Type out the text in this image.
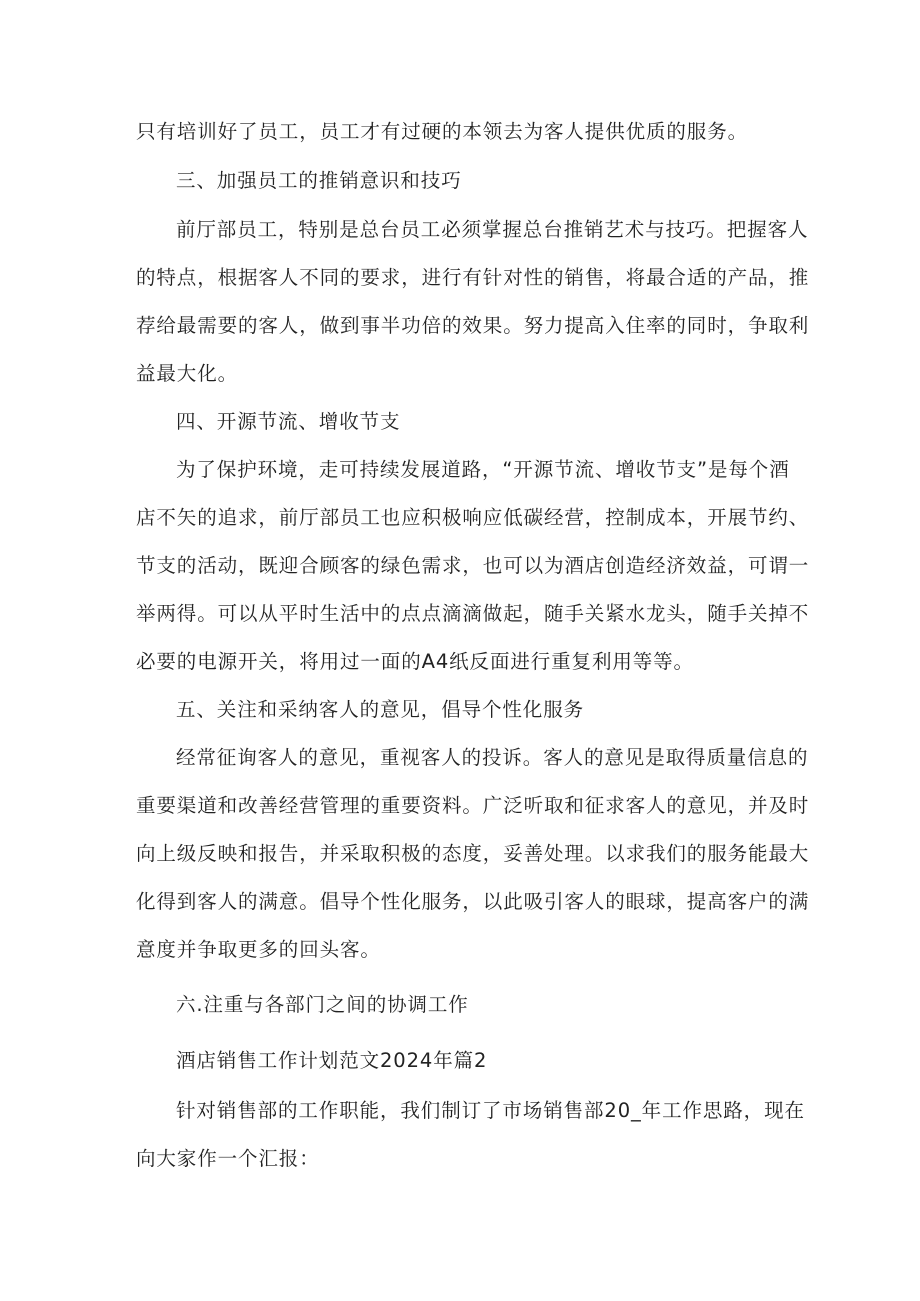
只有培训好了员工，员工才有过硬的本领去为客人提供优质的服务。
三、加强员工的推销意识和技巧
前厅部员工，特别是总台员工必须掌握总台推销艺术与技巧。把握客人
的特点，根据客人不同的要求，进行有针对性的销售，将最合适的产品，推
荐给最需要的客人，做到事半功倍的效果。努力提高入住率的同时，争取利
益最大化。
四、开源节流、增收节支
为了保护环境，走可持续发展道路，“开源节流、增收节支”是每个酒
店不矢的追求，前厅部员工也应积极响应低碳经营，控制成本，开展节约、
节支的活动，既迎合顾客的绿色需求，也可以为酒店创造经济效益，可谓一
举两得。可以从平时生活中的点点滴滴做起，随手关紧水龙头，随手关掉不
必要的电源开关，将用过一面的A4纸反面进行重复利用等等。
五、关注和采纳客人的意见，倡导个性化服务
经常征询客人的意见，重视客人的投诉。客人的意见是取得质量信息的
重要渠道和改善经营管理的重要资料。广泛听取和征求客人的意见，并及时
向上级反映和报告，并采取积极的态度，妥善处理。以求我们的服务能最大
化得到客人的满意。倡导个性化服务，以此吸引客人的眼球，提高客户的满
意度并争取更多的回头客。
六.注重与各部门之间的协调工作
酒店销售工作计划范文2024年篇2
针对销售部的工作职能，我们制订了市场销售部20_年工作思路，现在
向大家作一个汇报：
